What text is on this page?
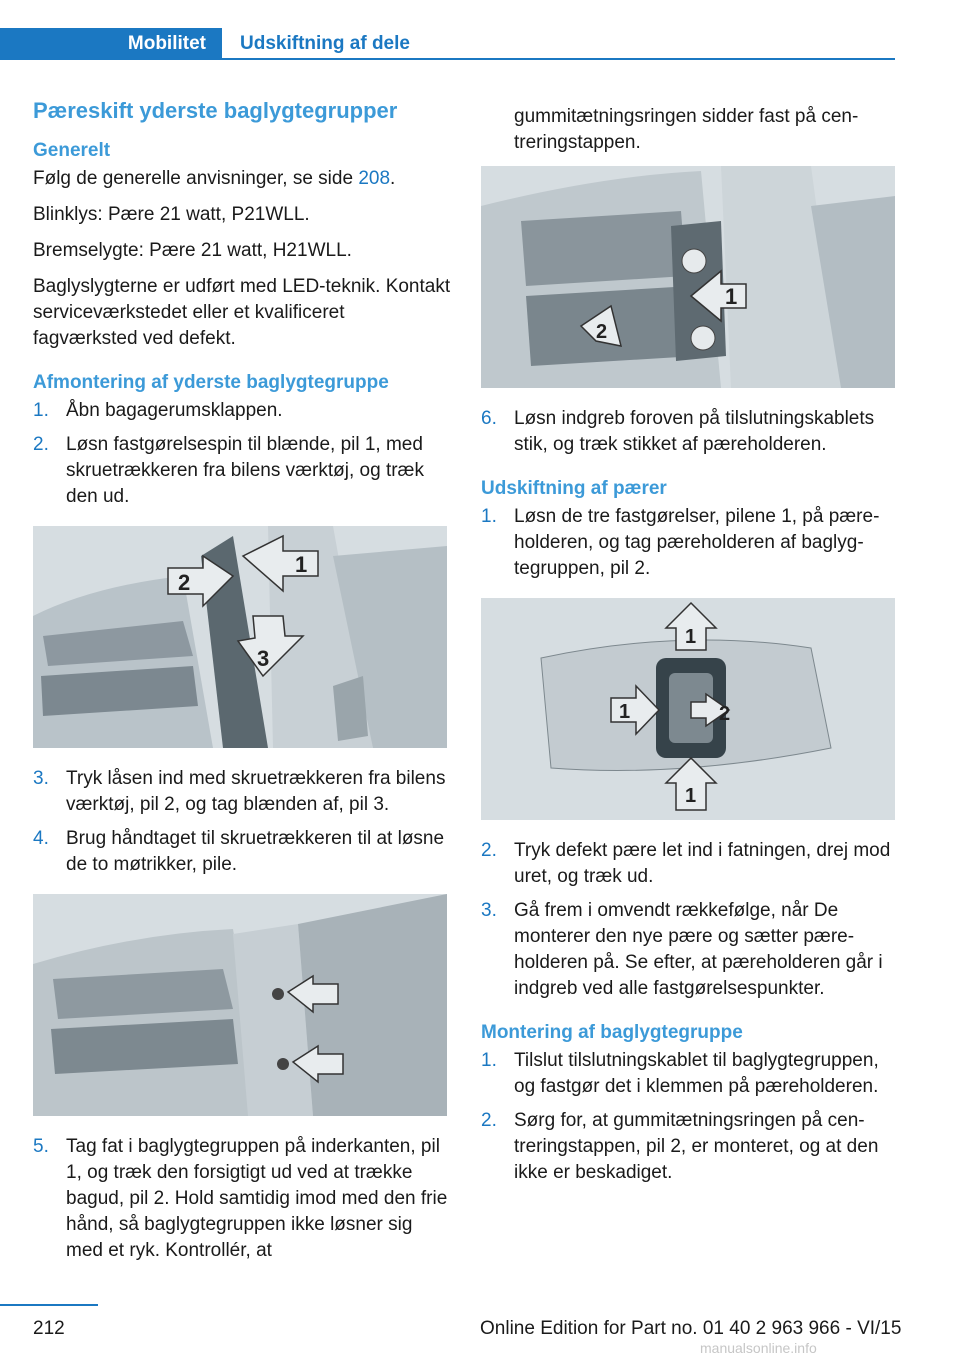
Mobilitet	Udskiftning af dele
Pæreskift yderste baglygtegrupper
Generelt

Følg de generelle anvisninger, se side 208.

Blinklys: Pære 21 watt, P21WLL.

Bremselygte: Pære 21 watt, H21WLL.

Baglyslygterne er udført med LED-teknik. Kontakt serviceværkstedet eller et kvalificeret fagværksted ved defekt.

Afmontering af yderste baglygtegruppe
1. Åbn bagagerumsklappen.
2. Løsn fastgørelsespin til blænde, pil 1, med skruetrækkeren fra bilens værktøj, og træk den ud.
1
2
3
3. Tryk låsen ind med skruetrækkeren fra bilens værktøj, pil 2, og tag blænden af, pil 3.
4. Brug håndtaget til skruetrækkeren til at løsne de to møtrikker, pile.
5. Tag fat i baglygtegruppen på inderkanten, pil 1, og træk den forsigtigt ud ved at trække bagud, pil 2. Hold samtidig imod med den frie hånd, så baglygtegruppen ikke løsner sig med et ryk. Kontrollér, at

gummitætningsringen sidder fast på centreringstappen.

1
2
6. Løsn indgreb foroven på tilslutningskablets stik, og træk stikket af pæreholderen.
Udskiftning af pærer
1. Løsn de tre fastgørelser, pilene 1, på pæreholderen, og tag pæreholderen af baglygtegruppen, pil 2.
1
1	2
1
2. Tryk defekt pære let ind i fatningen, drej mod uret, og træk ud.
3. Gå frem i omvendt rækkefølge, når De monterer den nye pære og sætter pæreholderen på. Se efter, at pæreholderen går i indgreb ved alle fastgørelsespunkter.
Montering af baglygtegruppe
1. Tilslut tilslutningskablet til baglygtegruppen, og fastgør det i klemmen på pæreholderen.
2. Sørg for, at gummitætningsringen på centreringstappen, pil 2, er monteret, og at den ikke er beskadiget.
212	Online Edition for Part no. 01 40 2 963 966 - VI/15
manualsonline.info
